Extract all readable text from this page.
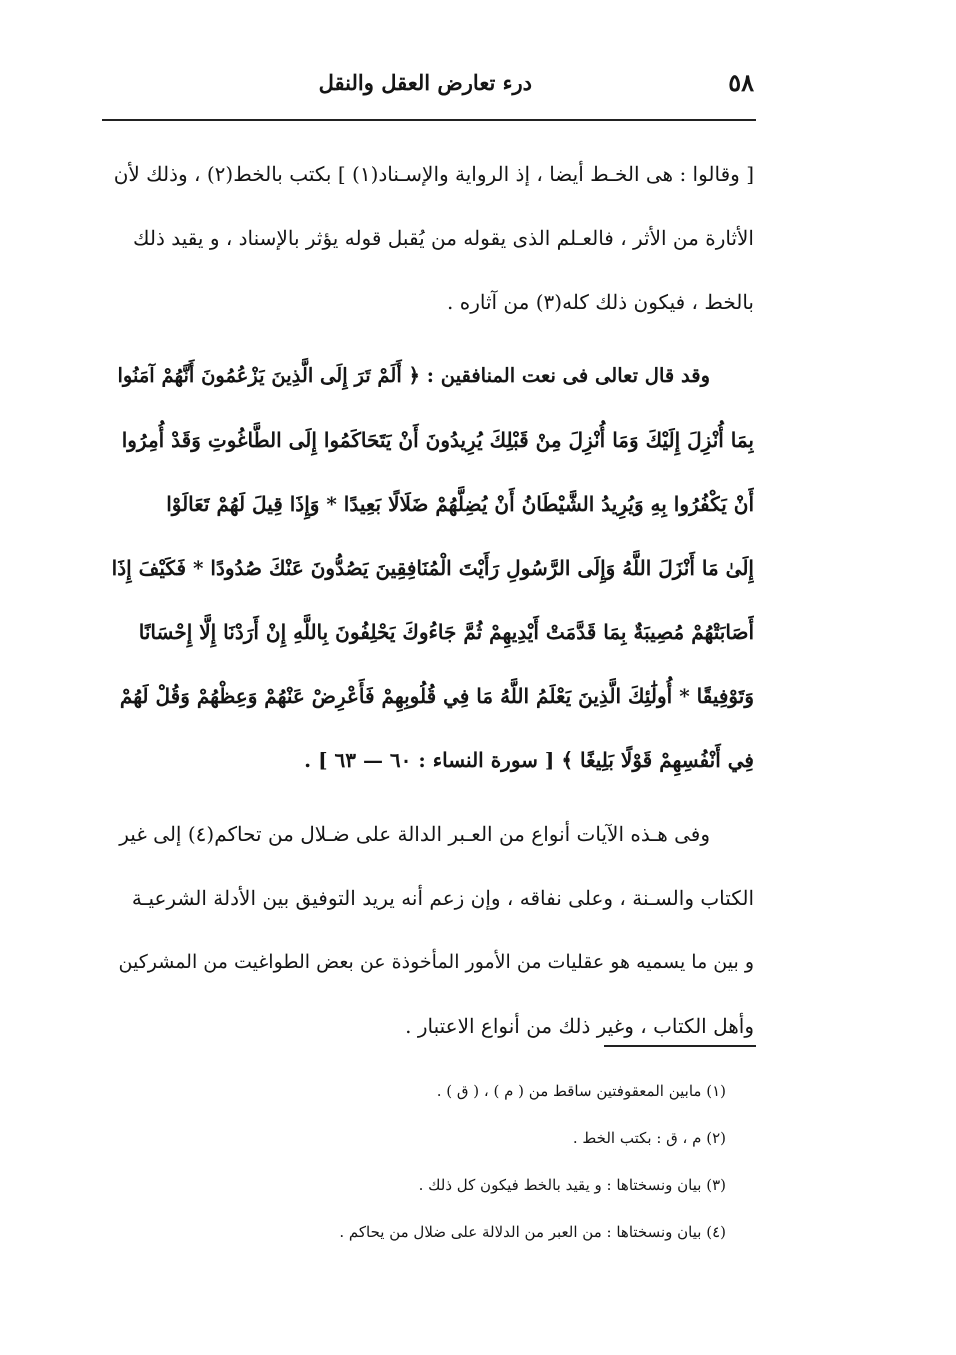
٥٨
درء تعارض العقل والنقل
[ وقالوا : هى الخـط أيضا ، إذ الرواية والإسـناد(١) ] بكتب بالخط(٢) ، وذلك لأن
الأثارة من الأثر ، فالعـلم الذى يقوله من يُقبل قوله يؤثر بالإسناد ، و يقيد ذلك
بالخط ، فيكون ذلك كله(٣) من آثاره .
وقد قال تعالى فى نعت المنافقين : ﴿ أَلَمْ تَرَ إِلَى الَّذِينَ يَزْعُمُونَ أَنَّهُمْ آمَنُوا
بِمَا أُنْزِلَ إِلَيْكَ وَمَا أُنْزِلَ مِنْ قَبْلِكَ يُرِيدُونَ أَنْ يَتَحَاكَمُوا إِلَى الطَّاغُوتِ وَقَدْ أُمِرُوا
أَنْ يَكْفُرُوا بِهِ وَيُرِيدُ الشَّيْطَانُ أَنْ يُضِلَّهُمْ ضَلَالًا بَعِيدًا * وَإِذَا قِيلَ لَهُمْ تَعَالَوْا
إِلَىٰ مَا أَنْزَلَ اللَّهُ وَإِلَى الرَّسُولِ رَأَيْتَ الْمُنَافِقِينَ يَصُدُّونَ عَنْكَ صُدُودًا * فَكَيْفَ إِذَا
أَصَابَتْهُمْ مُصِيبَةٌ بِمَا قَدَّمَتْ أَيْدِيهِمْ ثُمَّ جَاءُوكَ يَحْلِفُونَ بِاللَّهِ إِنْ أَرَدْنَا إِلَّا إِحْسَانًا
وَتَوْفِيقًا * أُولَٰئِكَ الَّذِينَ يَعْلَمُ اللَّهُ مَا فِي قُلُوبِهِمْ فَأَعْرِضْ عَنْهُمْ وَعِظْهُمْ وَقُلْ لَهُمْ
فِي أَنْفُسِهِمْ قَوْلًا بَلِيغًا ﴾ [ سورة النساء : ٦٠ — ٦٣ ] .
وفى هـذه الآيات أنواع من العـبر الدالة على ضـلال من تحاكم(٤) إلى غير
الكتاب والسـنة ، وعلى نفاقه ، وإن زعم أنه يريد التوفيق بين الأدلة الشرعيـة
و بين ما يسميه هو عقليات من الأمور المأخوذة عن بعض الطواغيت من المشركين
وأهل الكتاب ، وغير ذلك من أنواع الاعتبار .
(١) مابين المعقوفتين ساقط من ( م ) ، ( ق ) .
(٢) م ، ق : بكتب الخط .
(٣) بيان ونسختاها : و يقيد بالخط فيكون كل ذلك .
(٤) بيان ونسختاها : من العبر من الدلالة على ضلال من يحاكم .
